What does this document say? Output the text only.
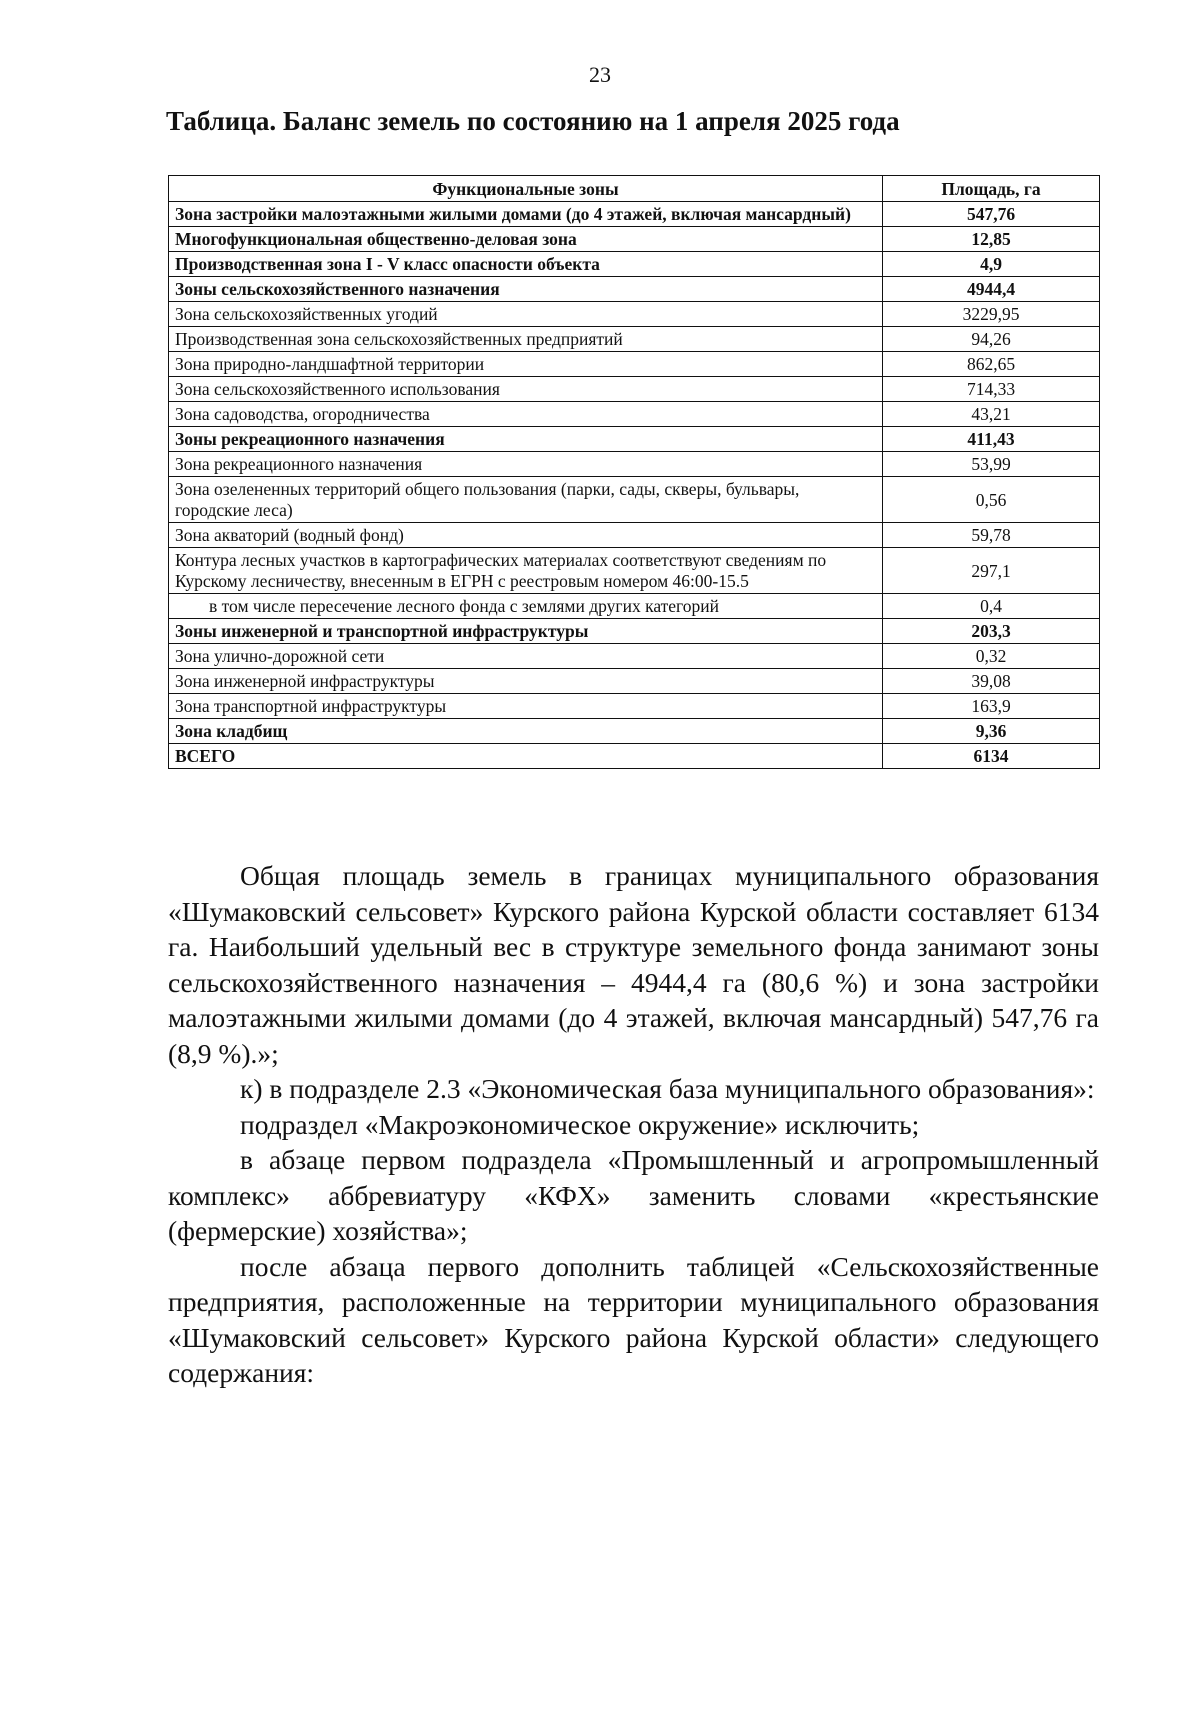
23
Таблица. Баланс земель по состоянию на 1 апреля 2025 года
Функциональные зоны	Площадь, га
Зона застройки малоэтажными жилыми домами (до 4 этажей, включая мансардный)	547,76
Многофункциональная общественно-деловая зона	12,85
Производственная зона I - V класс опасности объекта	4,9
Зоны сельскохозяйственного назначения	4944,4
Зона сельскохозяйственных угодий	3229,95
Производственная зона сельскохозяйственных предприятий	94,26
Зона природно-ландшафтной территории	862,65
Зона сельскохозяйственного использования	714,33
Зона садоводства, огородничества	43,21
Зоны рекреационного назначения	411,43
Зона рекреационного назначения	53,99
Зона озелененных территорий общего пользования (парки, сады, скверы, бульвары, городские леса)	0,56
Зона акваторий (водный фонд)	59,78
Контура лесных участков в картографических материалах соответствуют сведениям по Курскому лесничеству, внесенным в ЕГРН с реестровым номером 46:00-15.5	297,1
в том числе пересечение лесного фонда с землями других категорий	0,4
Зоны инженерной и транспортной инфраструктуры	203,3
Зона улично-дорожной сети	0,32
Зона инженерной инфраструктуры	39,08
Зона транспортной инфраструктуры	163,9
Зона кладбищ	9,36
ВСЕГО	6134

Общая площадь земель в границах муниципального образования «Шумаковский сельсовет» Курского района Курской области составляет 6134 га. Наибольший удельный вес в структуре земельного фонда занимают зоны сельскохозяйственного назначения – 4944,4 га (80,6 %) и зона застройки малоэтажными жилыми домами (до 4 этажей, включая мансардный) 547,76 га (8,9 %).»;

к) в подразделе 2.3 «Экономическая база муниципального образования»:

подраздел «Макроэкономическое окружение» исключить;

в абзаце первом подраздела «Промышленный и агропромышленный комплекс» аббревиатуру «КФХ» заменить словами «крестьянские (фермерские) хозяйства»;

после абзаца первого дополнить таблицей «Сельскохозяйственные предприятия, расположенные на территории муниципального образования «Шумаковский сельсовет» Курского района Курской области» следующего содержания:
